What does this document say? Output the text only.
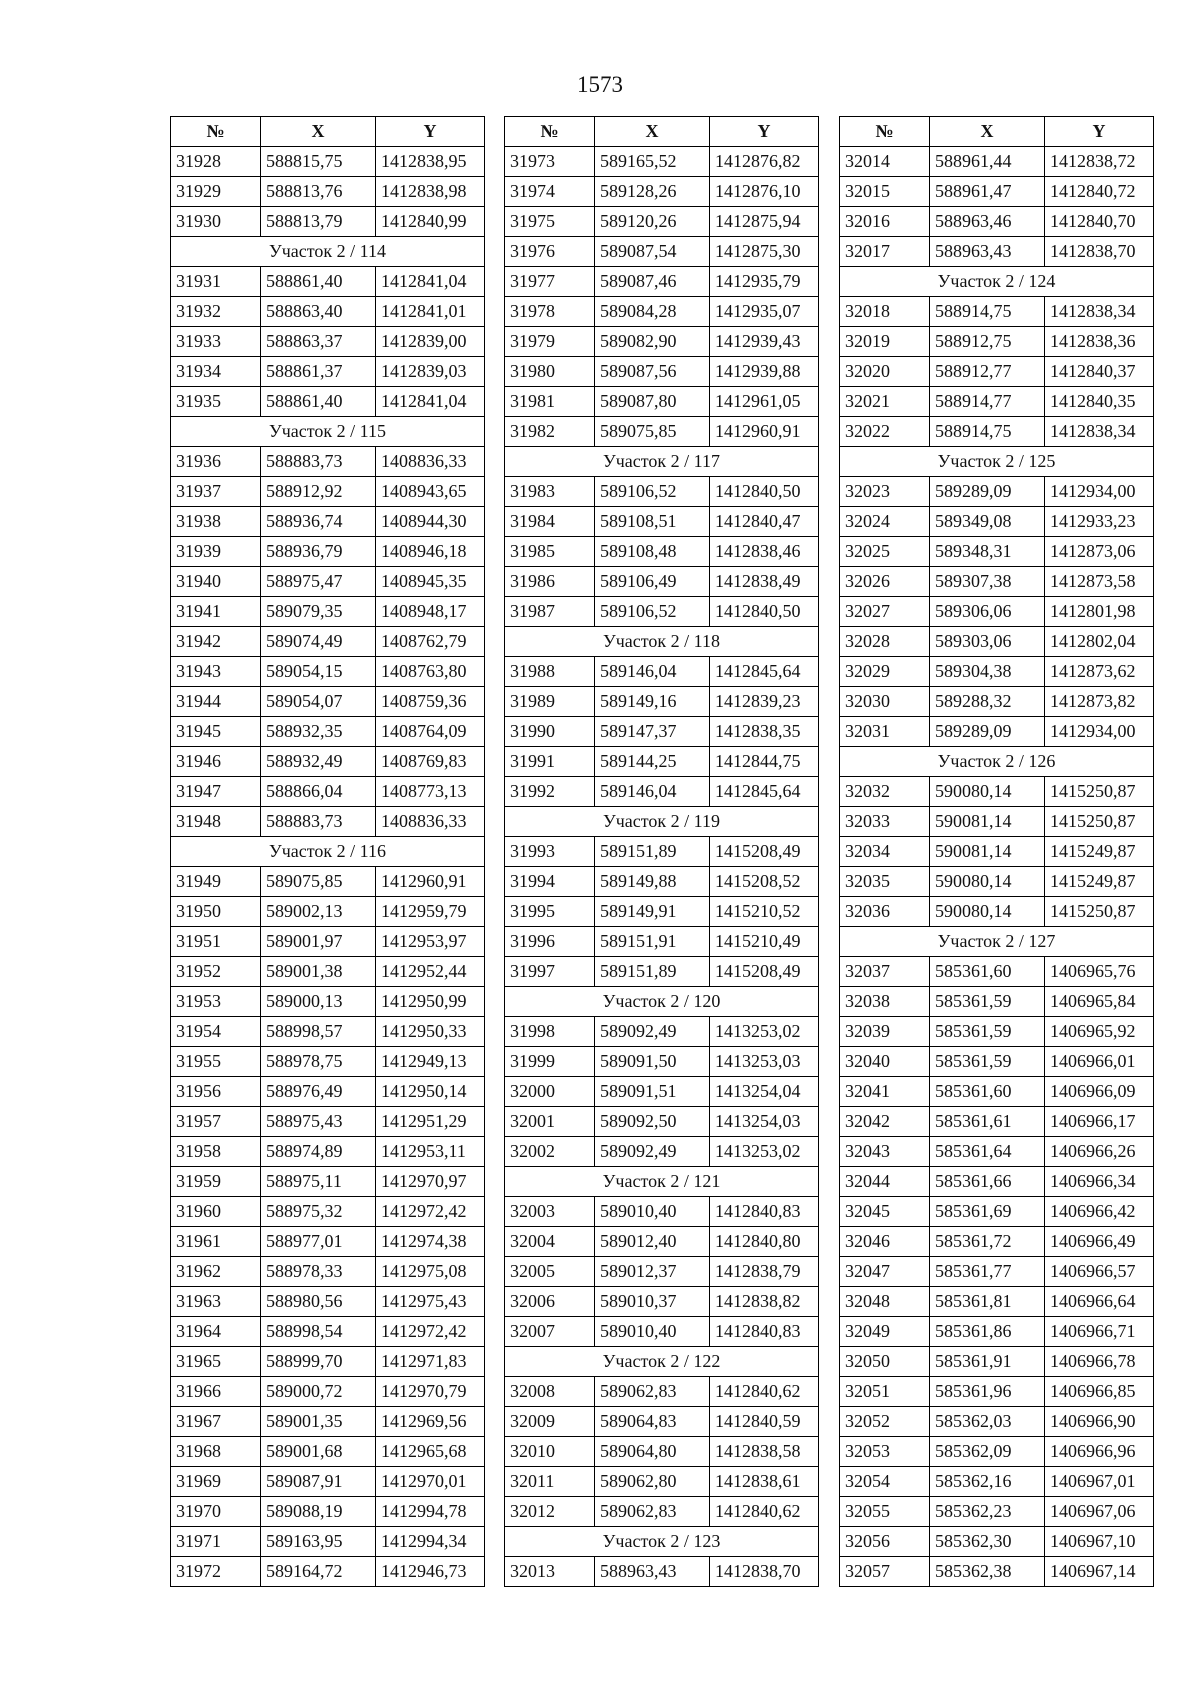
1573
№	X	Y
31928	588815,75	1412838,95
31929	588813,76	1412838,98
31930	588813,79	1412840,99
Участок 2 / 114		
31931	588861,40	1412841,04
31932	588863,40	1412841,01
31933	588863,37	1412839,00
31934	588861,37	1412839,03
31935	588861,40	1412841,04
Участок 2 / 115		
31936	588883,73	1408836,33
31937	588912,92	1408943,65
31938	588936,74	1408944,30
31939	588936,79	1408946,18
31940	588975,47	1408945,35
31941	589079,35	1408948,17
31942	589074,49	1408762,79
31943	589054,15	1408763,80
31944	589054,07	1408759,36
31945	588932,35	1408764,09
31946	588932,49	1408769,83
31947	588866,04	1408773,13
31948	588883,73	1408836,33
Участок 2 / 116		
31949	589075,85	1412960,91
31950	589002,13	1412959,79
31951	589001,97	1412953,97
31952	589001,38	1412952,44
31953	589000,13	1412950,99
31954	588998,57	1412950,33
31955	588978,75	1412949,13
31956	588976,49	1412950,14
31957	588975,43	1412951,29
31958	588974,89	1412953,11
31959	588975,11	1412970,97
31960	588975,32	1412972,42
31961	588977,01	1412974,38
31962	588978,33	1412975,08
31963	588980,56	1412975,43
31964	588998,54	1412972,42
31965	588999,70	1412971,83
31966	589000,72	1412970,79
31967	589001,35	1412969,56
31968	589001,68	1412965,68
31969	589087,91	1412970,01
31970	589088,19	1412994,78
31971	589163,95	1412994,34
31972	589164,72	1412946,73
№	X	Y
31973	589165,52	1412876,82
31974	589128,26	1412876,10
31975	589120,26	1412875,94
31976	589087,54	1412875,30
31977	589087,46	1412935,79
31978	589084,28	1412935,07
31979	589082,90	1412939,43
31980	589087,56	1412939,88
31981	589087,80	1412961,05
31982	589075,85	1412960,91
Участок 2 / 117		
31983	589106,52	1412840,50
31984	589108,51	1412840,47
31985	589108,48	1412838,46
31986	589106,49	1412838,49
31987	589106,52	1412840,50
Участок 2 / 118		
31988	589146,04	1412845,64
31989	589149,16	1412839,23
31990	589147,37	1412838,35
31991	589144,25	1412844,75
31992	589146,04	1412845,64
Участок 2 / 119		
31993	589151,89	1415208,49
31994	589149,88	1415208,52
31995	589149,91	1415210,52
31996	589151,91	1415210,49
31997	589151,89	1415208,49
Участок 2 / 120		
31998	589092,49	1413253,02
31999	589091,50	1413253,03
32000	589091,51	1413254,04
32001	589092,50	1413254,03
32002	589092,49	1413253,02
Участок 2 / 121		
32003	589010,40	1412840,83
32004	589012,40	1412840,80
32005	589012,37	1412838,79
32006	589010,37	1412838,82
32007	589010,40	1412840,83
Участок 2 / 122		
32008	589062,83	1412840,62
32009	589064,83	1412840,59
32010	589064,80	1412838,58
32011	589062,80	1412838,61
32012	589062,83	1412840,62
Участок 2 / 123		
32013	588963,43	1412838,70
№	X	Y
32014	588961,44	1412838,72
32015	588961,47	1412840,72
32016	588963,46	1412840,70
32017	588963,43	1412838,70
Участок 2 / 124		
32018	588914,75	1412838,34
32019	588912,75	1412838,36
32020	588912,77	1412840,37
32021	588914,77	1412840,35
32022	588914,75	1412838,34
Участок 2 / 125		
32023	589289,09	1412934,00
32024	589349,08	1412933,23
32025	589348,31	1412873,06
32026	589307,38	1412873,58
32027	589306,06	1412801,98
32028	589303,06	1412802,04
32029	589304,38	1412873,62
32030	589288,32	1412873,82
32031	589289,09	1412934,00
Участок 2 / 126		
32032	590080,14	1415250,87
32033	590081,14	1415250,87
32034	590081,14	1415249,87
32035	590080,14	1415249,87
32036	590080,14	1415250,87
Участок 2 / 127		
32037	585361,60	1406965,76
32038	585361,59	1406965,84
32039	585361,59	1406965,92
32040	585361,59	1406966,01
32041	585361,60	1406966,09
32042	585361,61	1406966,17
32043	585361,64	1406966,26
32044	585361,66	1406966,34
32045	585361,69	1406966,42
32046	585361,72	1406966,49
32047	585361,77	1406966,57
32048	585361,81	1406966,64
32049	585361,86	1406966,71
32050	585361,91	1406966,78
32051	585361,96	1406966,85
32052	585362,03	1406966,90
32053	585362,09	1406966,96
32054	585362,16	1406967,01
32055	585362,23	1406967,06
32056	585362,30	1406967,10
32057	585362,38	1406967,14
